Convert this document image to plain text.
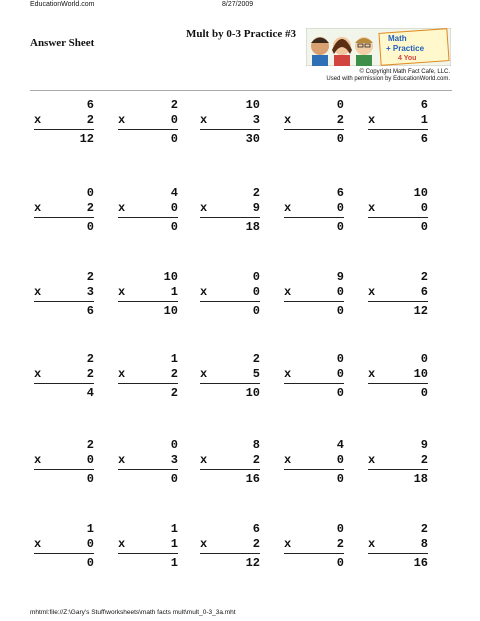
EducationWorld.com	8/27/2009
Answer Sheet
Mult by 0-3 Practice #3	Math
+ Practice
4 You
© Copyright Math Fact Cafe, LLC.
Used with permission by EducationWorld.com.
6
x	2
12
2
x	0
0
10
x	3
30
0
x	2
0
6
x	1
6
0
x	2
0
4
x	0
0
2
x	9
18
6
x	0
0
10
x	0
0
2
x	3
6
10
x	1
10
0
x	0
0
9
x	0
0
2
x	6
12
2
x	2
4
1
x	2
2
2
x	5
10
0
x	0
0
0
x	10
0
2
x	0
0
0
x	3
0
8
x	2
16
4
x	0
0
9
x	2
18
1
x	0
0
1
x	1
1
6
x	2
12
0
x	2
0
2
x	8
16
mhtml:file://Z:\Gary's Stuff\worksheets\math facts mult\mult_0-3_3a.mht
